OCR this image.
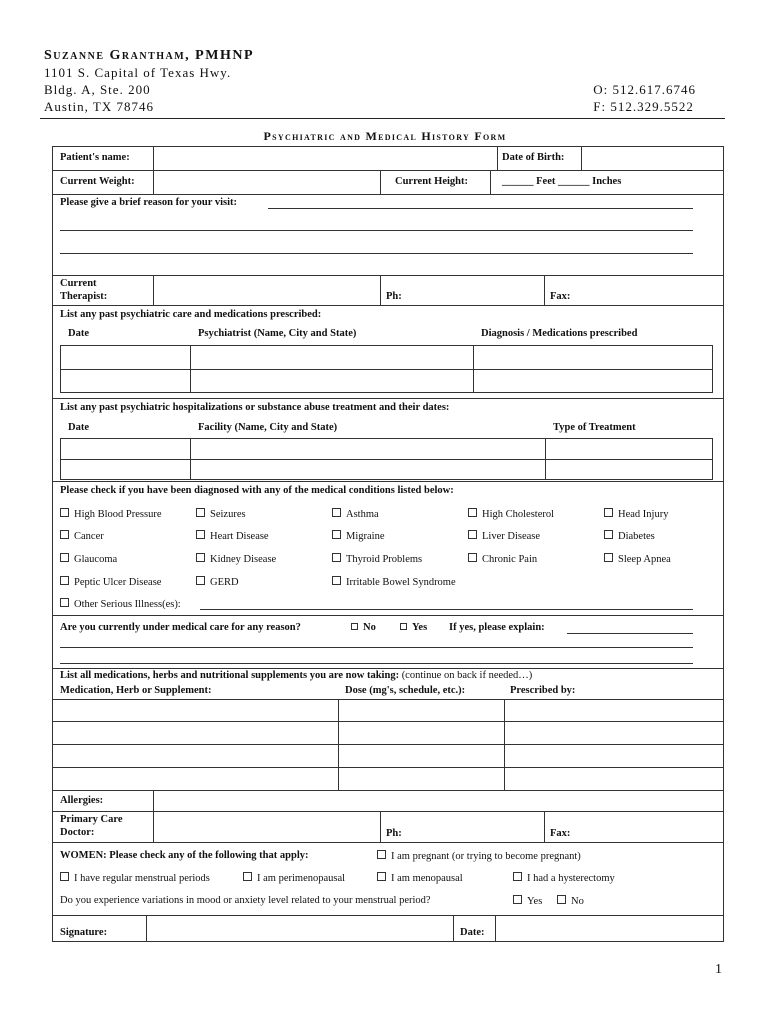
Suzanne Grantham, PMHNP
1101 S. Capital of Texas Hwy.
Bldg. A, Ste. 200
Austin, TX 78746
O: 512.617.6746
F: 512.329.5522
Psychiatric and Medical History Form
Patient's name:	Date of Birth:
Current Weight:	Current Height:	______ Feet ______ Inches
Please give a brief reason for your visit:
Current Therapist:	Ph:	Fax:
List any past psychiatric care and medications prescribed:
Date	Psychiatrist (Name, City and State)	Diagnosis / Medications prescribed
List any past psychiatric hospitalizations or substance abuse treatment and their dates:
Date	Facility (Name, City and State)	Type of Treatment
Please check if you have been diagnosed with any of the medical conditions listed below:
High Blood Pressure	Seizures	Asthma	High Cholesterol	Head Injury
Cancer	Heart Disease	Migraine	Liver Disease	Diabetes
Glaucoma	Kidney Disease	Thyroid Problems	Chronic Pain	Sleep Apnea
Peptic Ulcer Disease	GERD	Irritable Bowel Syndrome
Other Serious Illness(es):
Are you currently under medical care for any reason?	No	Yes If yes, please explain:
List all medications, herbs and nutritional supplements you are now taking: (continue on back if needed…)
Medication, Herb or Supplement:	Dose (mg's, schedule, etc.):	Prescribed by:
Allergies:
Primary Care Doctor:	Ph:	Fax:
WOMEN: Please check any of the following that apply:	I am pregnant (or trying to become pregnant)
I have regular menstrual periods	I am perimenopausal	I am menopausal	I had a hysterectomy
Do you experience variations in mood or anxiety level related to your menstrual period?	Yes	No
Signature:	Date:
1
